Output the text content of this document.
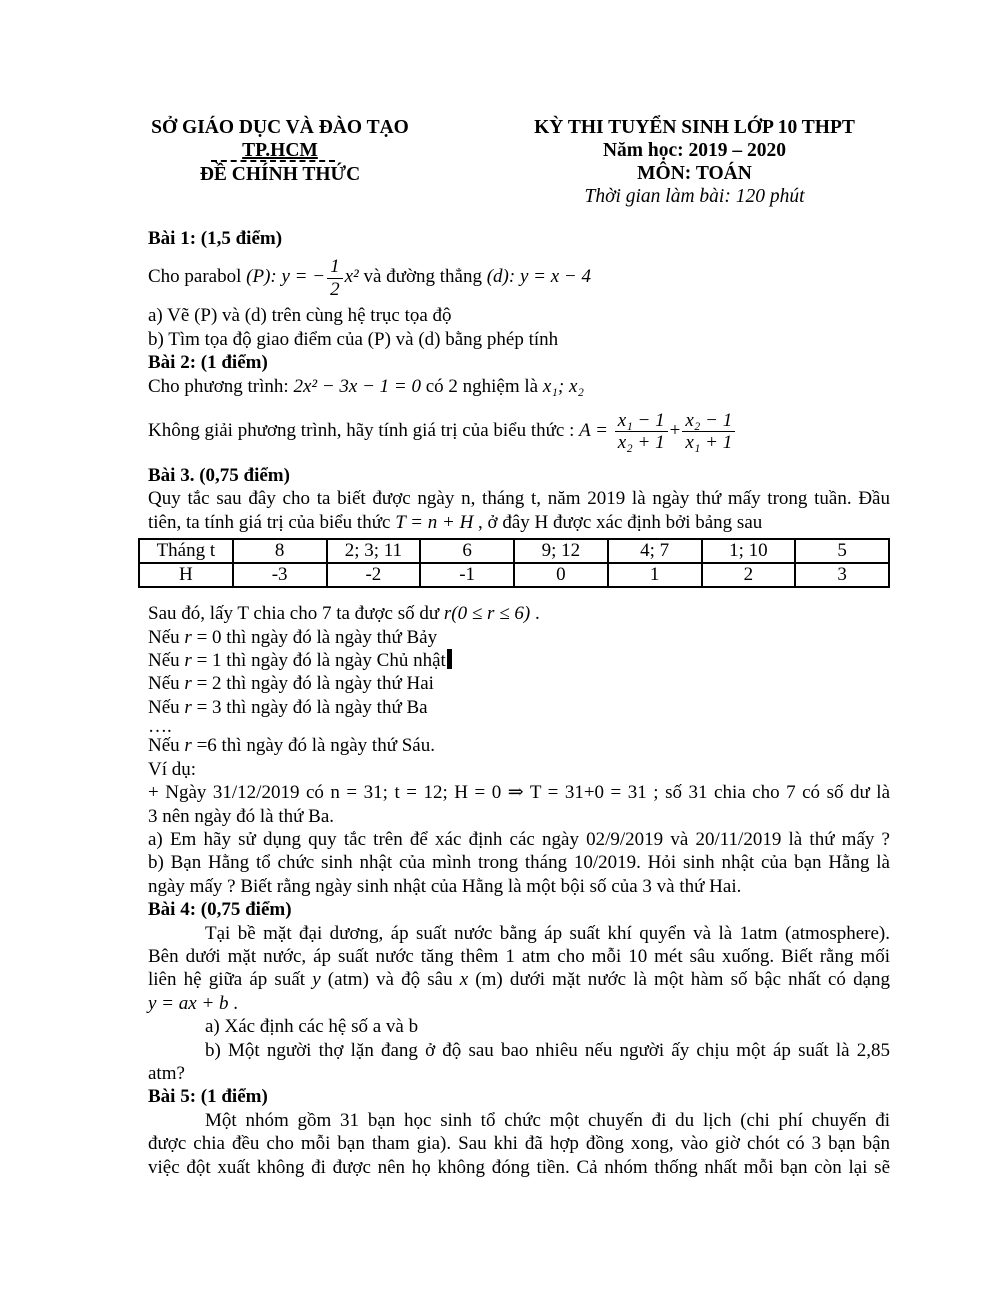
SỞ GIÁO DỤC VÀ ĐÀO TẠO
TP.HCM
ĐỀ CHÍNH THỨC
KỲ THI TUYỂN SINH LỚP 10 THPT
Năm học: 2019 – 2020
MÔN: TOÁN
Thời gian làm bài: 120 phút
Bài 1: (1,5 điểm)
Cho parabol (P): y = − $\frac{1}{2} x^2$ và đường thẳng (d): y = x − 4
a) Vẽ (P) và (d) trên cùng hệ trục tọa độ
b) Tìm tọa độ giao điểm của (P) và (d) bằng phép tính
Bài 2: (1 điểm)
Cho phương trình: 2x² − 3x − 1 = 0 có 2 nghiệm là x₁; x₂
Không giải phương trình, hãy tính giá trị của biểu thức : $A = \frac{\text{x₁ − 1}}{\text{x₂ + 1}} + \frac{\text{x₂ − 1}}{\text{x₁ + 1}}$
Bài 3. (0,75 điểm)
Quy tắc sau đây cho ta biết được ngày n, tháng t, năm 2019 là ngày thứ mấy trong tuần. Đầu
tiên, ta tính giá trị của biểu thức T = n + H , ở đây H được xác định bởi bảng sau
Tháng t	8	2; 3; 11	6	9; 12	4; 7	1; 10	5
H	-3	-2	-1	0	1	2	3
Sau đó, lấy T chia cho 7 ta được số dư r(0 ≤ r ≤ 6) .
Nếu r = 0 thì ngày đó là ngày thứ Bảy
Nếu r = 1 thì ngày đó là ngày Chủ nhật
Nếu r = 2 thì ngày đó là ngày thứ Hai
Nếu r = 3 thì ngày đó là ngày thứ Ba
….
Nếu r =6 thì ngày đó là ngày thứ Sáu.
Ví dụ:
+ Ngày 31/12/2019 có n = 31; t = 12; H = 0 ⇒ T = 31+0 = 31 ; số 31 chia cho 7 có số dư là
3 nên ngày đó là thứ Ba.
a) Em hãy sử dụng quy tắc trên để xác định các ngày 02/9/2019 và 20/11/2019 là thứ mấy ?
b) Bạn Hằng tổ chức sinh nhật của mình trong tháng 10/2019. Hỏi sinh nhật của bạn Hằng là
ngày mấy ? Biết rằng ngày sinh nhật của Hằng là một bội số của 3 và thứ Hai.
Bài 4: (0,75 điểm)
Tại bề mặt đại dương, áp suất nước bằng áp suất khí quyển và là 1atm (atmosphere).
Bên dưới mặt nước, áp suất nước tăng thêm 1 atm cho mỗi 10 mét sâu xuống. Biết rằng mối
liên hệ giữa áp suất y (atm) và độ sâu x (m) dưới mặt nước là một hàm số bậc nhất có dạng
y = ax + b .
a) Xác định các hệ số a và b
b) Một người thợ lặn đang ở độ sau bao nhiêu nếu người ấy chịu một áp suất là 2,85
atm?
Bài 5: (1 điểm)
Một nhóm gồm 31 bạn học sinh tổ chức một chuyến đi du lịch (chi phí chuyến đi
được chia đều cho mỗi bạn tham gia). Sau khi đã hợp đồng xong, vào giờ chót có 3 bạn bận
việc đột xuất không đi được nên họ không đóng tiền. Cả nhóm thống nhất mỗi bạn còn lại sẽ
